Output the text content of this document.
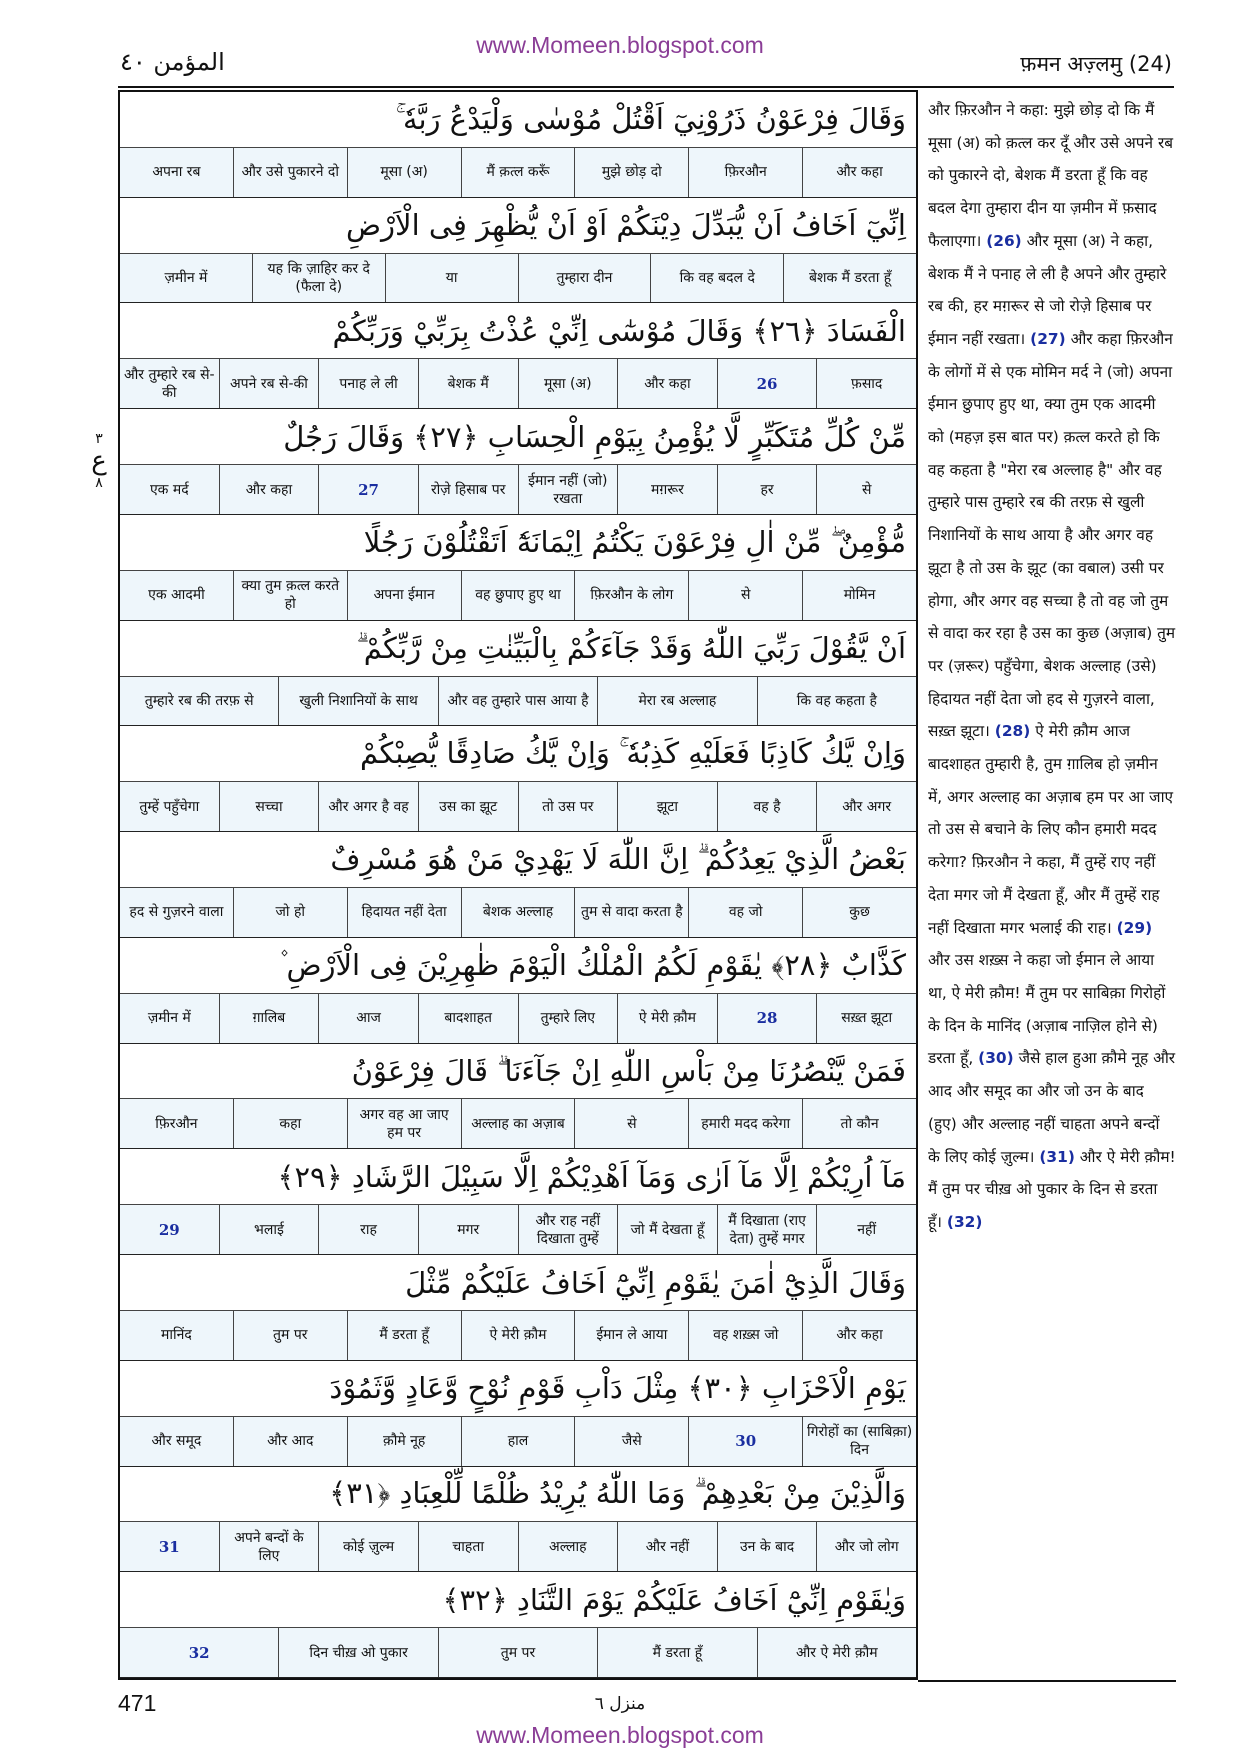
www.Momeen.blogspot.com
المؤمن ٤٠	फ़मन अज़्लमु (24)
٣
ع
٨
وَقَالَ فِرْعَوْنُ ذَرُوْنِيٓ اَقْتُلْ مُوْسٰى وَلْيَدْعُ رَبَّهٗ ۚ
और कहा
फ़िरऔन
मुझे छोड़ दो
मैं क़त्ल करूँ
मूसा (अ)
और उसे पुकारने दो
अपना रब
اِنِّيٓ اَخَافُ اَنْ يُّبَدِّلَ دِيْنَكُمْ اَوْ اَنْ يُّظْهِرَ فِى الْاَرْضِ
बेशक मैं डरता हूँ
कि वह बदल दे
तुम्हारा दीन
या
यह कि ज़ाहिर कर दे (फैला दे)
ज़मीन में
الْفَسَادَ ﴿٢٦﴾ وَقَالَ مُوْسٰٓى اِنِّيْ عُذْتُ بِرَبِّيْ وَرَبِّكُمْ
फ़साद
26
और कहा
मूसा (अ)
बेशक मैं
पनाह ले ली
अपने रब से-की
और तुम्हारे रब से-की
مِّنْ كُلِّ مُتَكَبِّرٍ لَّا يُؤْمِنُ بِيَوْمِ الْحِسَابِ ﴿٢٧﴾ وَقَالَ رَجُلٌ
से
हर
मग़रूर
(जो) ईमान नहीं रखता
रोज़े हिसाब पर
27
और कहा
एक मर्द
مُّؤْمِنٌ ۖ مِّنْ اٰلِ فِرْعَوْنَ يَكْتُمُ اِيْمَانَهٗٓ اَتَقْتُلُوْنَ رَجُلًا
मोमिन
से
फ़िरऔन के लोग
वह छुपाए हुए था
अपना ईमान
क्या तुम क़त्ल करते हो
एक आदमी
اَنْ يَّقُوْلَ رَبِّيَ اللّٰهُ وَقَدْ جَآءَكُمْ بِالْبَيِّنٰتِ مِنْ رَّبِّكُمْ ۗ
कि वह कहता है
मेरा रब अल्लाह
और वह तुम्हारे पास आया है
खुली निशानियों के साथ
तुम्हारे रब की तरफ़ से
وَاِنْ يَّكُ كَاذِبًا فَعَلَيْهِ كَذِبُهٗ ۚ وَاِنْ يَّكُ صَادِقًا يُّصِبْكُمْ
और अगर
वह है
झूटा
तो उस पर
उस का झूट
और अगर है वह
सच्चा
तुम्हें पहुँचेगा
بَعْضُ الَّذِيْ يَعِدُكُمْ ۗ اِنَّ اللّٰهَ لَا يَهْدِيْ مَنْ هُوَ مُسْرِفٌ
कुछ
वह जो
तुम से वादा करता है
बेशक अल्लाह
हिदायत नहीं देता
जो हो
हद से गुज़रने वाला
كَذَّابٌ ﴿٢٨﴾ يٰقَوْمِ لَكُمُ الْمُلْكُ الْيَوْمَ ظٰهِرِيْنَ فِى الْاَرْضِ ۫
सख़्त झूटा
28
ऐ मेरी क़ौम
तुम्हारे लिए
बादशाहत
आज
ग़ालिब
ज़मीन में
فَمَنْ يَّنْصُرُنَا مِنْ بَاْسِ اللّٰهِ اِنْ جَآءَنَا ۗ قَالَ فِرْعَوْنُ
तो कौन
हमारी मदद करेगा
से
अल्लाह का अज़ाब
अगर वह आ जाए हम पर
कहा
फ़िरऔन
مَآ اُرِيْكُمْ اِلَّا مَآ اَرٰى وَمَآ اَهْدِيْكُمْ اِلَّا سَبِيْلَ الرَّشَادِ ﴿٢٩﴾
नहीं
मैं दिखाता (राए देता) तुम्हें मगर
जो मैं देखता हूँ
और राह नहीं दिखाता तुम्हें
मगर
राह
भलाई
29
وَقَالَ الَّذِيْٓ اٰمَنَ يٰقَوْمِ اِنِّيْٓ اَخَافُ عَلَيْكُمْ مِّثْلَ
और कहा
वह शख़्स जो
ईमान ले आया
ऐ मेरी क़ौम
मैं डरता हूँ
तुम पर
मानिंद
يَوْمِ الْاَحْزَابِ ﴿٣٠﴾ مِثْلَ دَاْبِ قَوْمِ نُوْحٍ وَّعَادٍ وَّثَمُوْدَ
(साबिक़ा) गिरोहों का दिन
30
जैसे
हाल
क़ौमे नूह
और आद
और समूद
وَالَّذِيْنَ مِنْ بَعْدِهِمْ ۗ وَمَا اللّٰهُ يُرِيْدُ ظُلْمًا لِّلْعِبَادِ ﴿٣١﴾
और जो लोग
उन के बाद
और नहीं
अल्लाह
चाहता
कोई ज़ुल्म
अपने बन्दों के लिए
31
وَيٰقَوْمِ اِنِّيْٓ اَخَافُ عَلَيْكُمْ يَوْمَ التَّنَادِ ﴿٣٢﴾
और ऐ मेरी क़ौम
मैं डरता हूँ
तुम पर
दिन चीख़ ओ पुकार
32
और फ़िरऔन ने कहा: मुझे छोड़ दो कि मैं मूसा (अ) को क़त्ल कर दूँ और उसे अपने रब को पुकारने दो, बेशक मैं डरता हूँ कि वह बदल देगा तुम्हारा दीन या ज़मीन में फ़साद फैलाएगा। (26) और मूसा (अ) ने कहा, बेशक मैं ने पनाह ले ली है अपने और तुम्हारे रब की, हर मग़रूर से जो रोज़े हिसाब पर ईमान नहीं रखता। (27) और कहा फ़िरऔन के लोगों में से एक मोमिन मर्द ने (जो) अपना ईमान छुपाए हुए था, क्या तुम एक आदमी को (महज़ इस बात पर) क़त्ल करते हो कि वह कहता है "मेरा रब अल्लाह है" और वह तुम्हारे पास तुम्हारे रब की तरफ़ से खुली निशानियों के साथ आया है और अगर वह झूटा है तो उस के झूट (का वबाल) उसी पर होगा, और अगर वह सच्चा है तो वह जो तुम से वादा कर रहा है उस का कुछ (अज़ाब) तुम पर (ज़रूर) पहुँचेगा, बेशक अल्लाह (उसे) हिदायत नहीं देता जो हद से गुज़रने वाला, सख़्त झूटा। (28) ऐ मेरी क़ौम आज बादशाहत तुम्हारी है, तुम ग़ालिब हो ज़मीन में, अगर अल्लाह का अज़ाब हम पर आ जाए तो उस से बचाने के लिए कौन हमारी मदद करेगा? फ़िरऔन ने कहा, मैं तुम्हें राए नहीं देता मगर जो मैं देखता हूँ, और मैं तुम्हें राह नहीं दिखाता मगर भलाई की राह। (29) और उस शख़्स ने कहा जो ईमान ले आया था, ऐ मेरी क़ौम! मैं तुम पर साबिक़ा गिरोहों के दिन के मानिंद (अज़ाब नाज़िल होने से) डरता हूँ, (30) जैसे हाल हुआ क़ौमे नूह और आद और समूद का और जो उन के बाद (हुए) और अल्लाह नहीं चाहता अपने बन्दों के लिए कोई ज़ुल्म। (31) और ऐ मेरी क़ौम! मैं तुम पर चीख़ ओ पुकार के दिन से डरता हूँ। (32)
471	منزل ٦
www.Momeen.blogspot.com
